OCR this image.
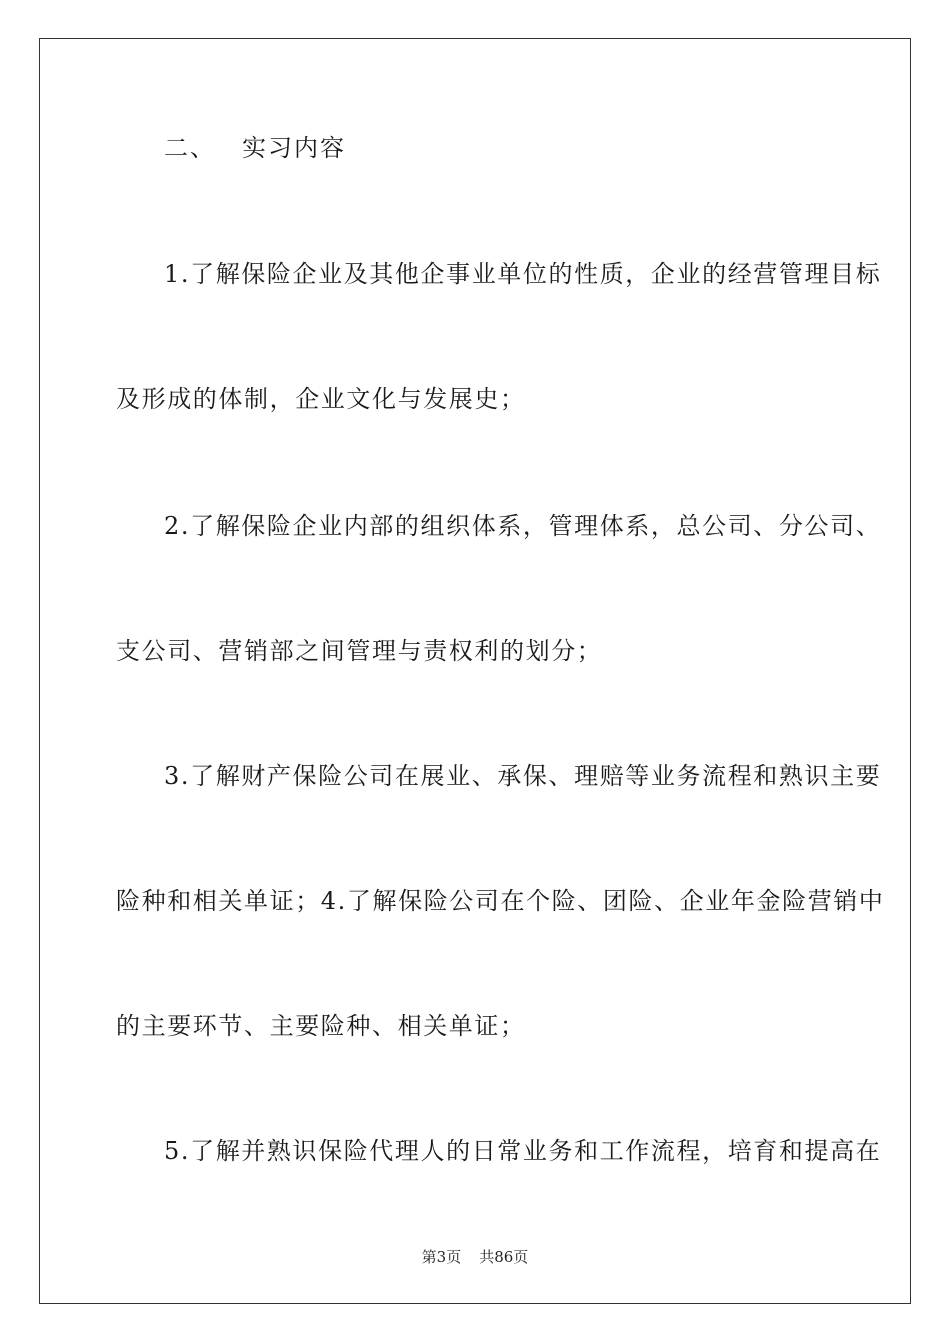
二、 实习内容
1.了解保险企业及其他企事业单位的性质，企业的经营管理目标
及形成的体制，企业文化与发展史；
2.了解保险企业内部的组织体系，管理体系，总公司、分公司、
支公司、营销部之间管理与责权利的划分；
3.了解财产保险公司在展业、承保、理赔等业务流程和熟识主要
险种和相关单证；4.了解保险公司在个险、团险、企业年金险营销中
的主要环节、主要险种、相关单证；
5.了解并熟识保险代理人的日常业务和工作流程，培育和提高在
第3页 共86页
